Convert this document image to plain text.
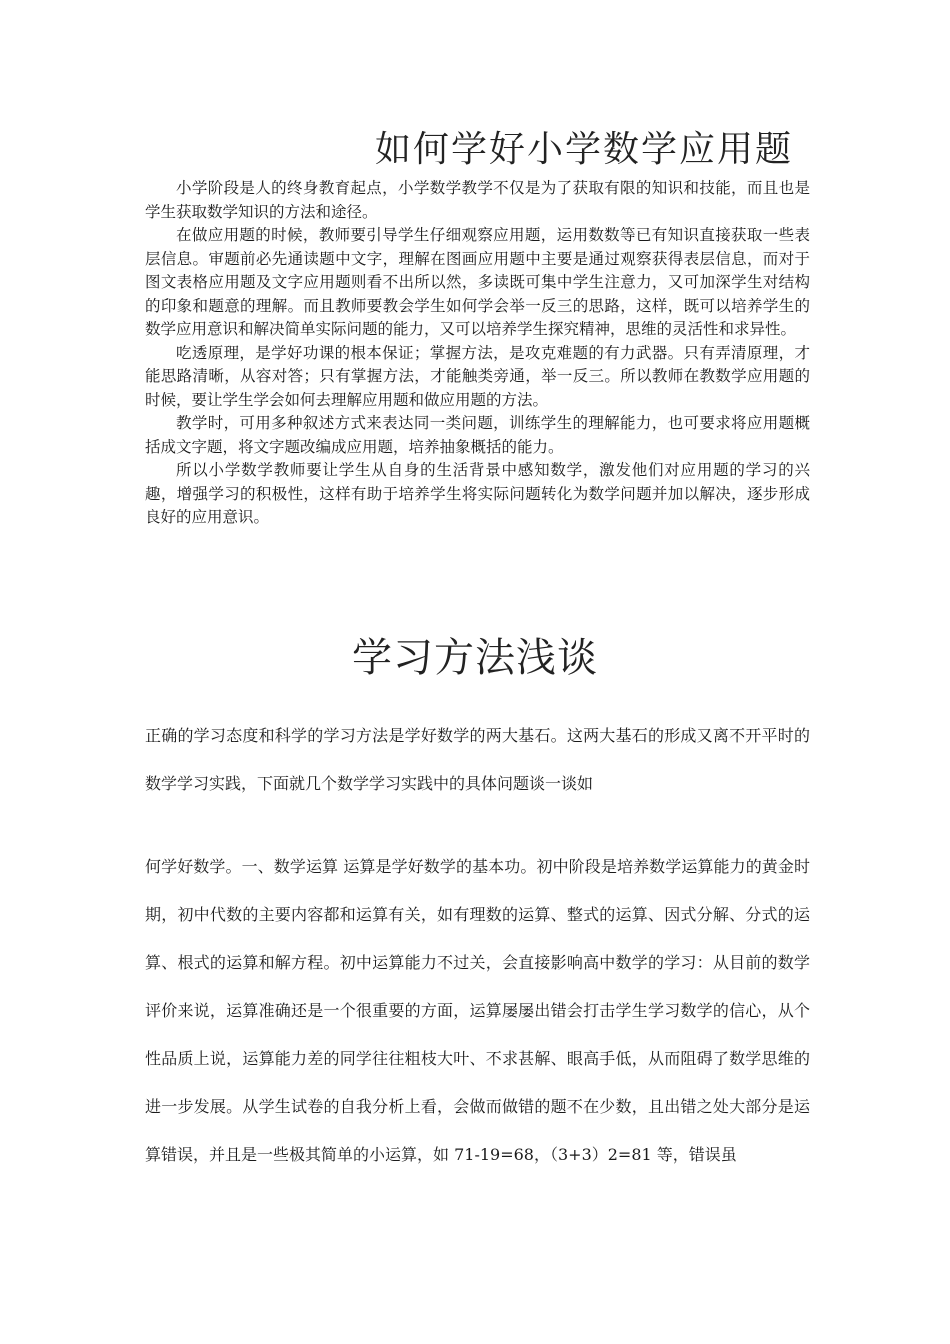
如何学好小学数学应用题

小学阶段是人的终身教育起点，小学数学教学不仅是为了获取有限的知识和技能，而且也是学生获取数学知识的方法和途径。

在做应用题的时候，教师要引导学生仔细观察应用题，运用数数等已有知识直接获取一些表层信息。审题前必先通读题中文字，理解在图画应用题中主要是通过观察获得表层信息，而对于图文表格应用题及文字应用题则看不出所以然，多读既可集中学生注意力，又可加深学生对结构的印象和题意的理解。而且教师要教会学生如何学会举一反三的思路，这样，既可以培养学生的数学应用意识和解决简单实际问题的能力，又可以培养学生探究精神，思维的灵活性和求异性。

吃透原理，是学好功课的根本保证；掌握方法，是攻克难题的有力武器。只有弄清原理，才能思路清晰，从容对答；只有掌握方法，才能触类旁通，举一反三。所以教师在教数学应用题的时候，要让学生学会如何去理解应用题和做应用题的方法。

教学时，可用多种叙述方式来表达同一类问题，训练学生的理解能力，也可要求将应用题概括成文字题，将文字题改编成应用题，培养抽象概括的能力。

所以小学数学教师要让学生从自身的生活背景中感知数学，激发他们对应用题的学习的兴趣，增强学习的积极性，这样有助于培养学生将实际问题转化为数学问题并加以解决，逐步形成良好的应用意识。

学习方法浅谈

正确的学习态度和科学的学习方法是学好数学的两大基石。这两大基石的形成又离不开平时的数学学习实践，下面就几个数学学习实践中的具体问题谈一谈如

何学好数学。一、数学运算 运算是学好数学的基本功。初中阶段是培养数学运算能力的黄金时期，初中代数的主要内容都和运算有关，如有理数的运算、整式的运算、因式分解、分式的运算、根式的运算和解方程。初中运算能力不过关，会直接影响高中数学的学习：从目前的数学评价来说，运算准确还是一个很重要的方面，运算屡屡出错会打击学生学习数学的信心，从个性品质上说，运算能力差的同学往往粗枝大叶、不求甚解、眼高手低，从而阻碍了数学思维的进一步发展。从学生试卷的自我分析上看，会做而做错的题不在少数，且出错之处大部分是运算错误，并且是一些极其简单的小运算，如 71-19=68，（3+3）2=81 等，错误虽
